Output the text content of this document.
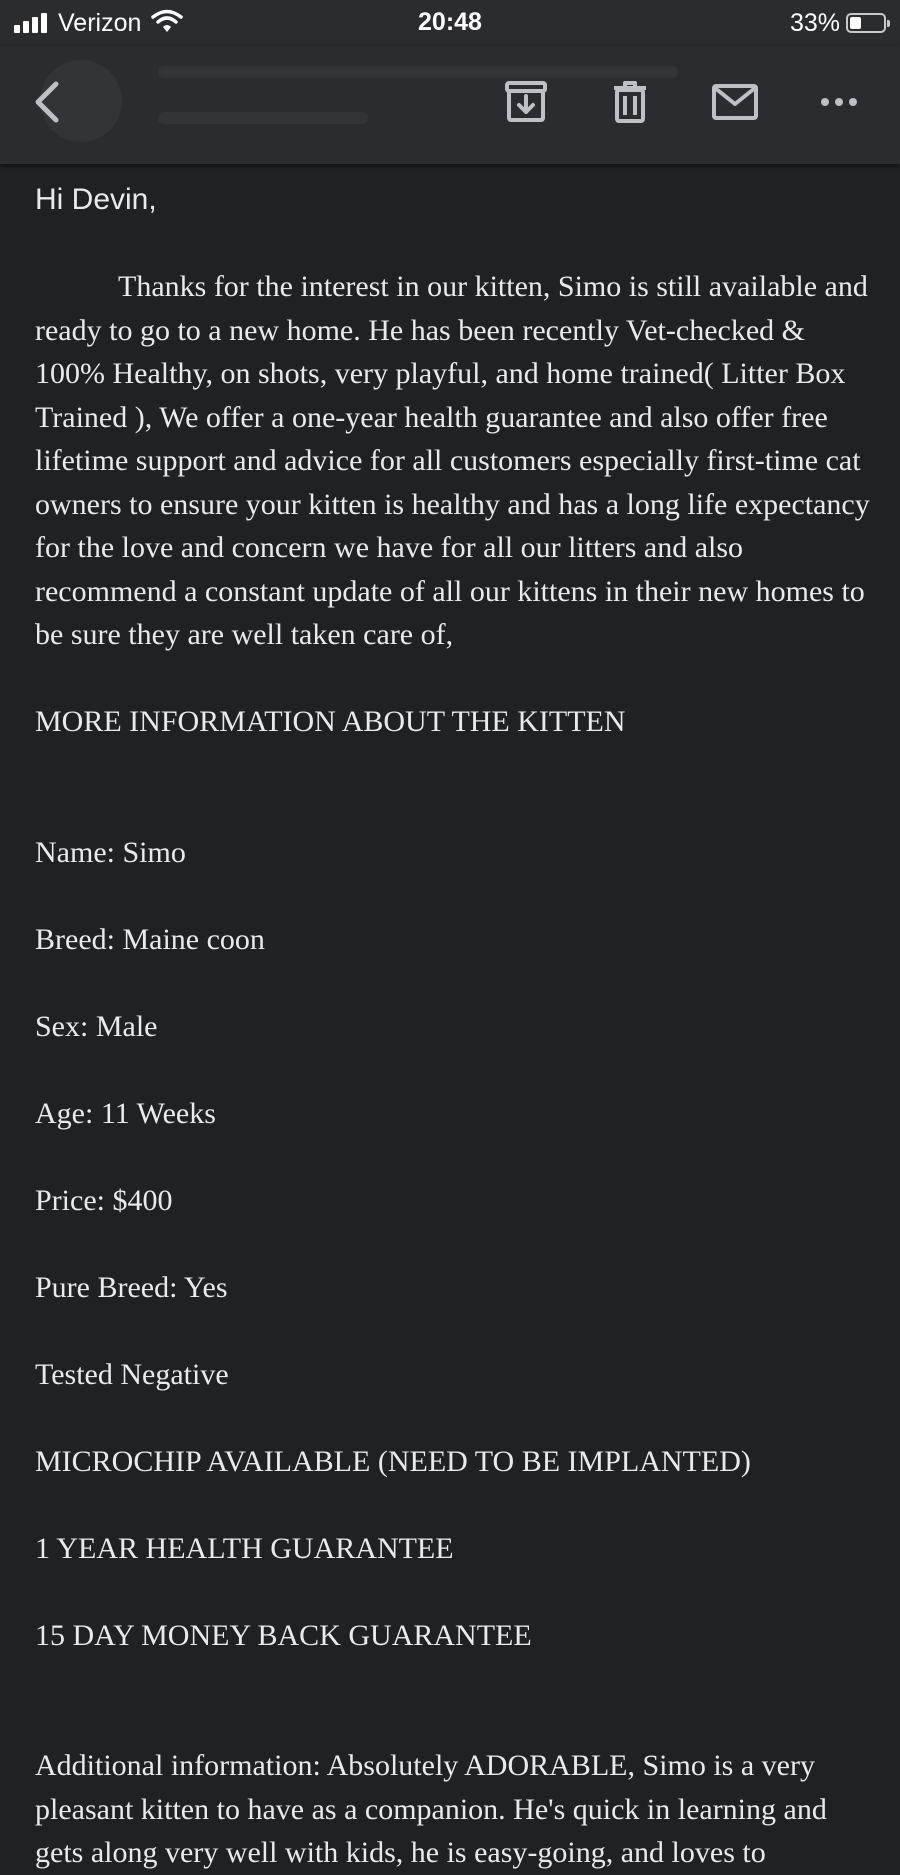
Verizon	20:48	33%
Hi Devin,
Thanks for the interest in our kitten, Simo is still available and ready to go to a new home. He has been recently Vet-checked & 100% Healthy, on shots, very playful, and home trained( Litter Box Trained ), We offer a one-year health guarantee and also offer free lifetime support and advice for all customers especially first-time cat owners to ensure your kitten is healthy and has a long life expectancy for the love and concern we have for all our litters and also recommend a constant update of all our kittens in their new homes to be sure they are well taken care of,
MORE INFORMATION ABOUT THE KITTEN

Name: Simo

Breed: Maine coon

Sex: Male

Age: 11 Weeks

Price: $400

Pure Breed: Yes

Tested Negative

MICROCHIP AVAILABLE (NEED TO BE IMPLANTED)

1 YEAR HEALTH GUARANTEE

15 DAY MONEY BACK GUARANTEE

Additional information: Absolutely ADORABLE, Simo is a very pleasant kitten to have as a companion. He's quick in learning and gets along very well with kids, he is easy-going, and loves to
